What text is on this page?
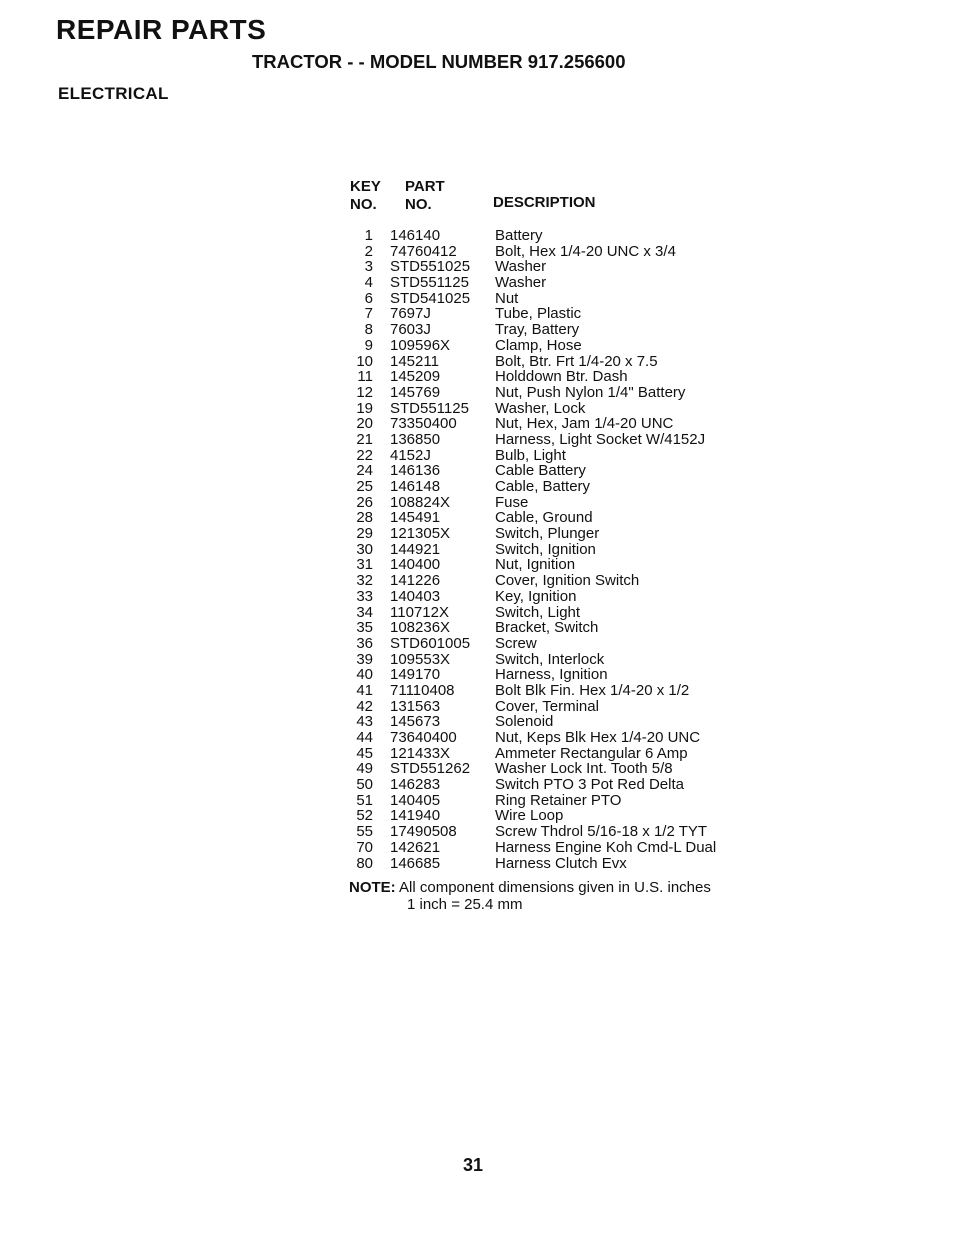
REPAIR PARTS
TRACTOR - - MODEL NUMBER 917.256600
ELECTRICAL
KEY
NO.
PART
NO.	DESCRIPTION
1 146140	Battery
2 74760412	Bolt, Hex 1/4-20 UNC x 3/4
3 STD551025 Washer
4 STD551125 Washer
6 STD541025 Nut
7 7697J	Tube, Plastic
8 7603J	Tray, Battery
9 109596X	Clamp, Hose
10 145211	Bolt, Btr. Frt 1/4-20 x 7.5
11 145209	Holddown Btr. Dash
12 145769	Nut, Push Nylon 1/4" Battery
19 STD551125 Washer, Lock
20 73350400	Nut, Hex, Jam 1/4-20 UNC
21 136850	Harness, Light Socket W/4152J
22 4152J	Bulb, Light
24 146136	Cable Battery
25 146148	Cable, Battery
26 108824X	Fuse
28 145491	Cable, Ground
29 121305X	Switch, Plunger
30 144921	Switch, Ignition
31 140400	Nut, Ignition
32 141226	Cover, Ignition Switch
33 140403	Key, Ignition
34 110712X	Switch, Light
35 108236X	Bracket, Switch
36 STD601005 Screw
39 109553X	Switch, Interlock
40 149170	Harness, Ignition
41 71110408	Bolt Blk Fin. Hex 1/4-20 x 1/2
42 131563	Cover, Terminal
43 145673	Solenoid
44 73640400	Nut, Keps Blk Hex 1/4-20 UNC
45 121433X	Ammeter Rectangular 6 Amp
49 STD551262 Washer Lock Int. Tooth 5/8
50 146283	Switch PTO 3 Pot Red Delta
51 140405	Ring Retainer PTO
52 141940	Wire Loop
55 17490508	Screw Thdrol 5/16-18 x 1/2 TYT
70 142621	Harness Engine Koh Cmd-L Dual
80 146685	Harness Clutch Evx
NOTE: All component dimensions given in U.S. inches
1 inch = 25.4 mm
31
